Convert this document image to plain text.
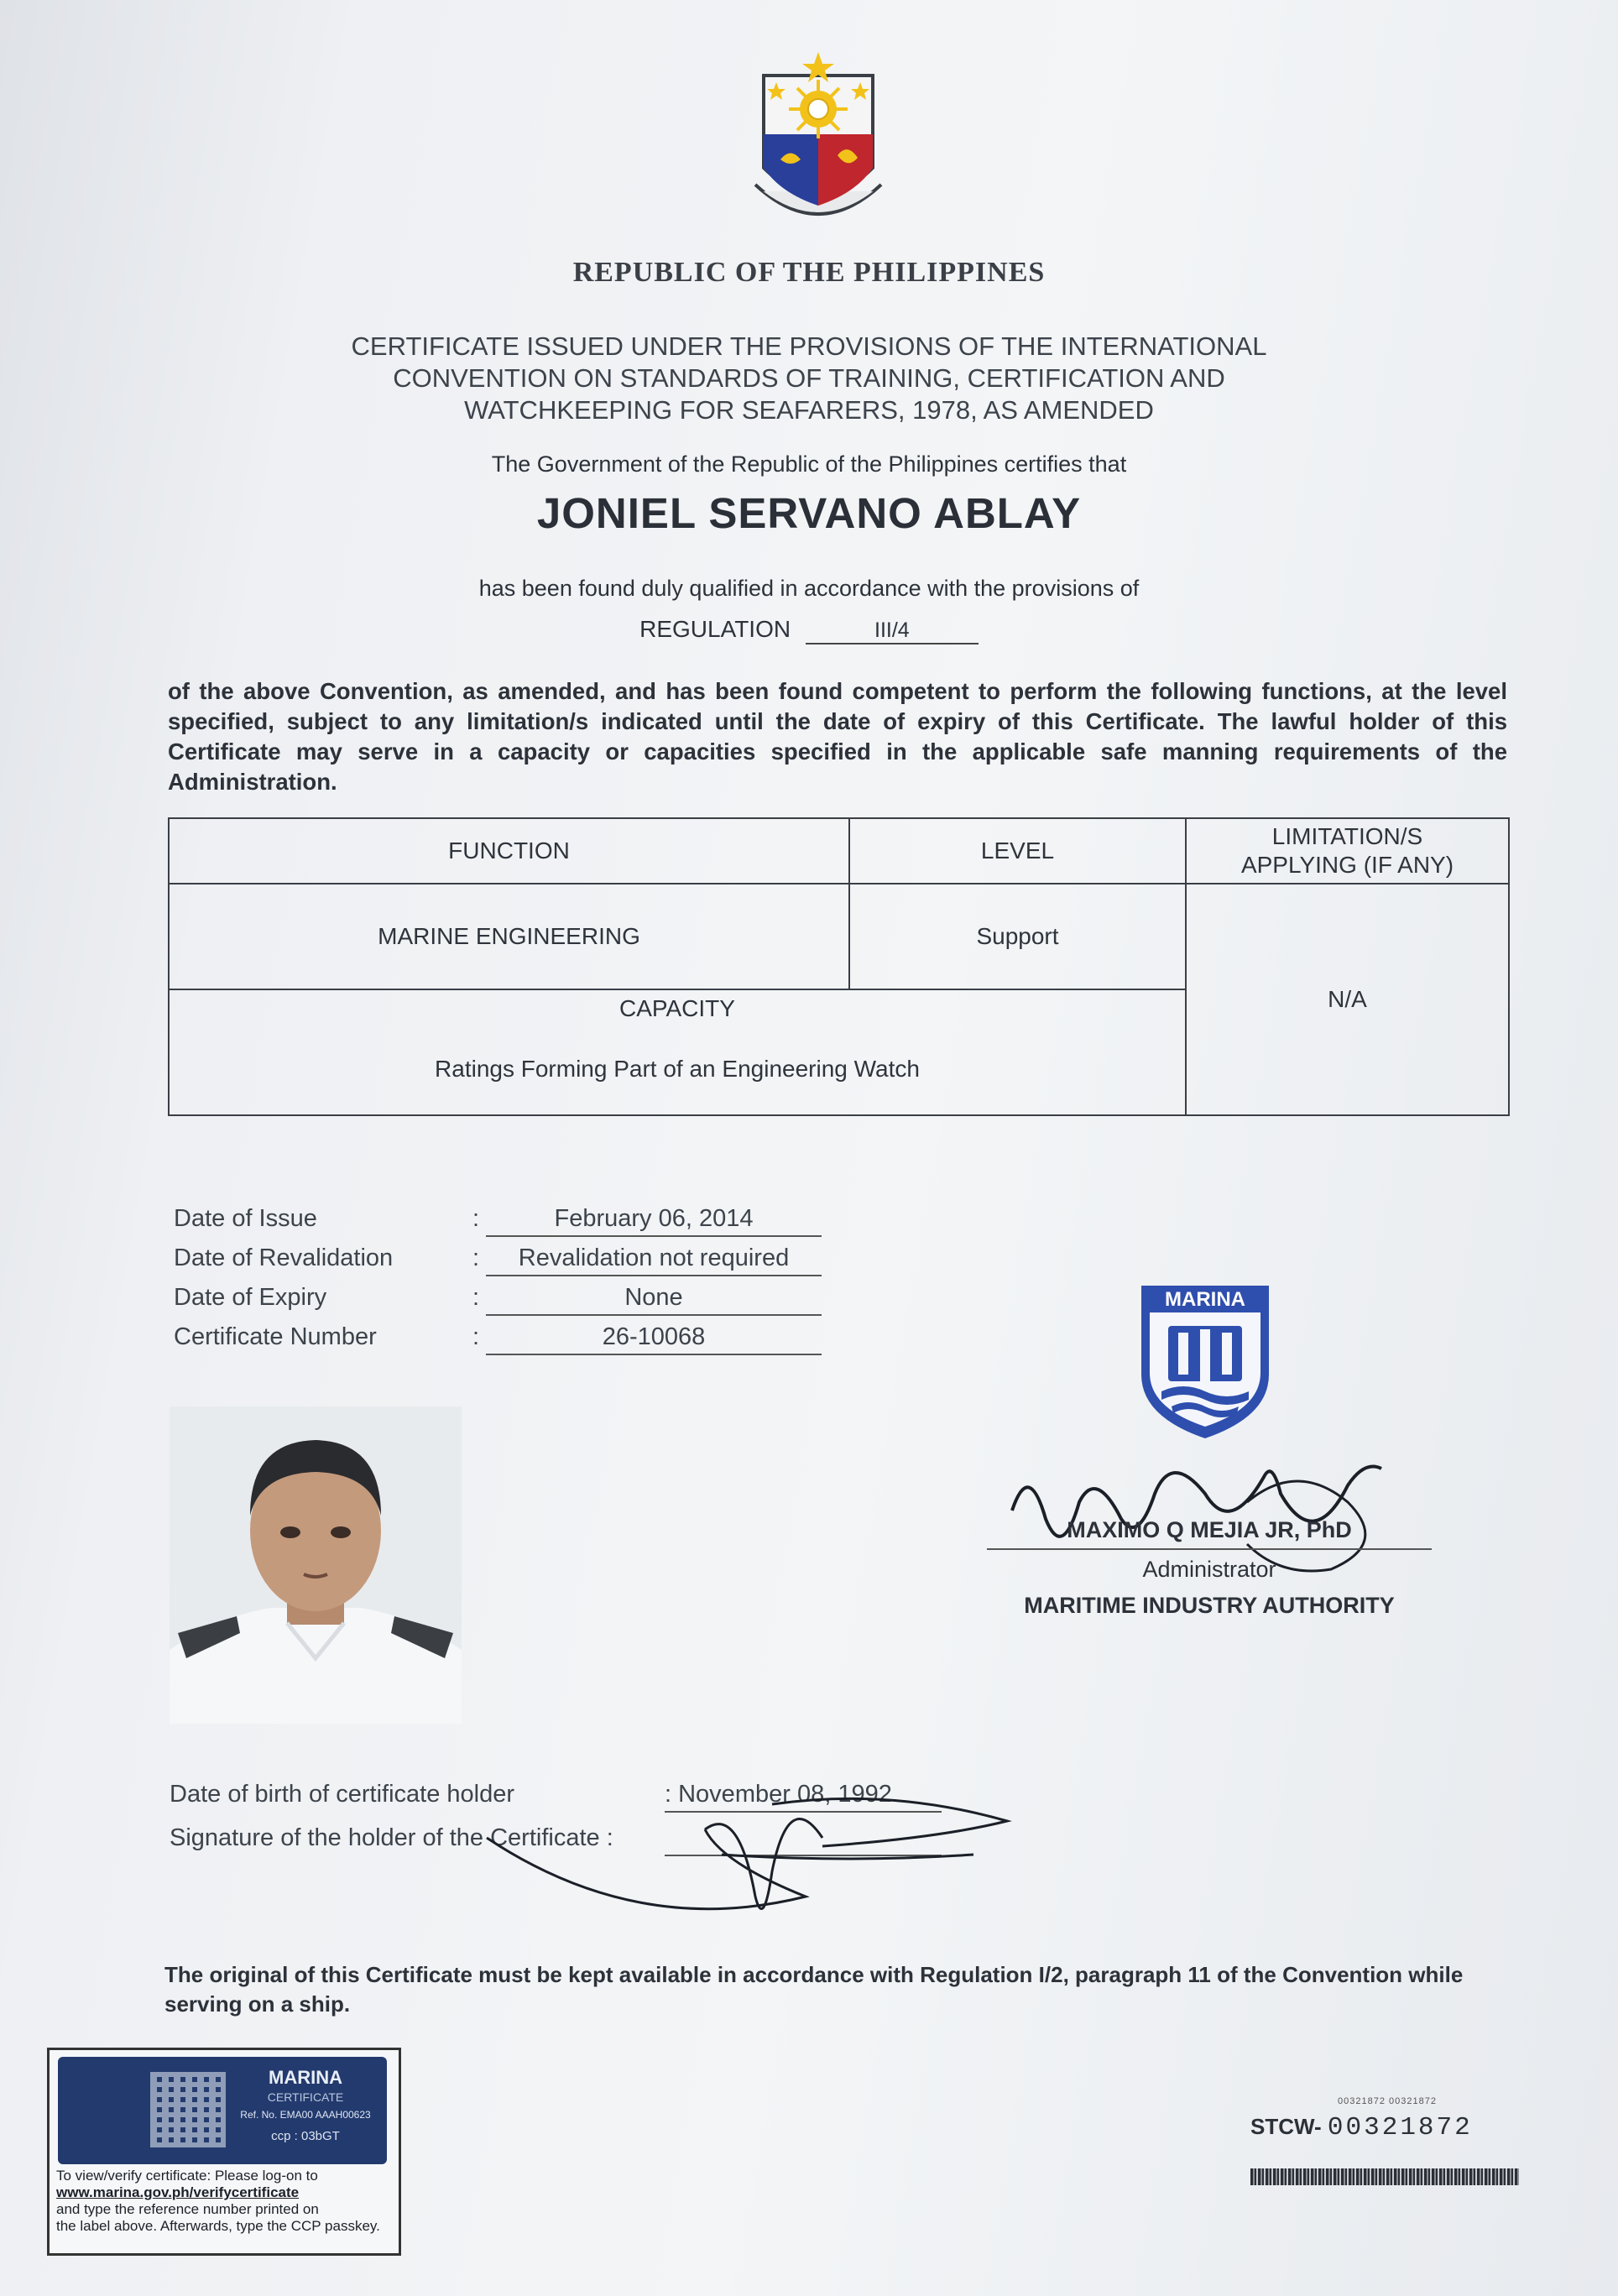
REPUBLIC OF THE PHILIPPINES
CERTIFICATE ISSUED UNDER THE PROVISIONS OF THE INTERNATIONAL
CONVENTION ON STANDARDS OF TRAINING, CERTIFICATION AND
WATCHKEEPING FOR SEAFARERS, 1978, AS AMENDED
The Government of the Republic of the Philippines certifies that
JONIEL SERVANO ABLAY
has been found duly qualified in accordance with the provisions of
REGULATION	III/4
of the above Convention, as amended, and has been found competent to perform the following functions, at the level specified, subject to any limitation/s indicated until the date of expiry of this Certificate. The lawful holder of this Certificate may serve in a capacity or capacities specified in the applicable safe manning requirements of the Administration.
FUNCTION	LEVEL	LIMITATION/S APPLYING (IF ANY)
MARINE ENGINEERING	Support	N/A

CAPACITY
Ratings Forming Part of an Engineering Watch		
Date of Issue	:	February 06, 2014
Date of Revalidation	:	Revalidation not required
Date of Expiry	:	None
Certificate Number	:	26-10068
MARINA
MAXIMO Q MEJIA JR, PhD
Administrator
MARITIME INDUSTRY AUTHORITY
Date of birth of certificate holder	: November 08, 1992
Signature of the holder of the Certificate :
The original of this Certificate must be kept available in accordance with Regulation I/2, paragraph 11 of the Convention while serving on a ship.
MARINA
CERTIFICATE
Ref. No. EMA00 AAAH00623
ccp : 03bGT
To view/verify certificate: Please log-on to
www.marina.gov.ph/verifycertificate
and type the reference number printed on
the label above. Afterwards, type the CCP passkey.
00321872 00321872
STCW- 00321872
